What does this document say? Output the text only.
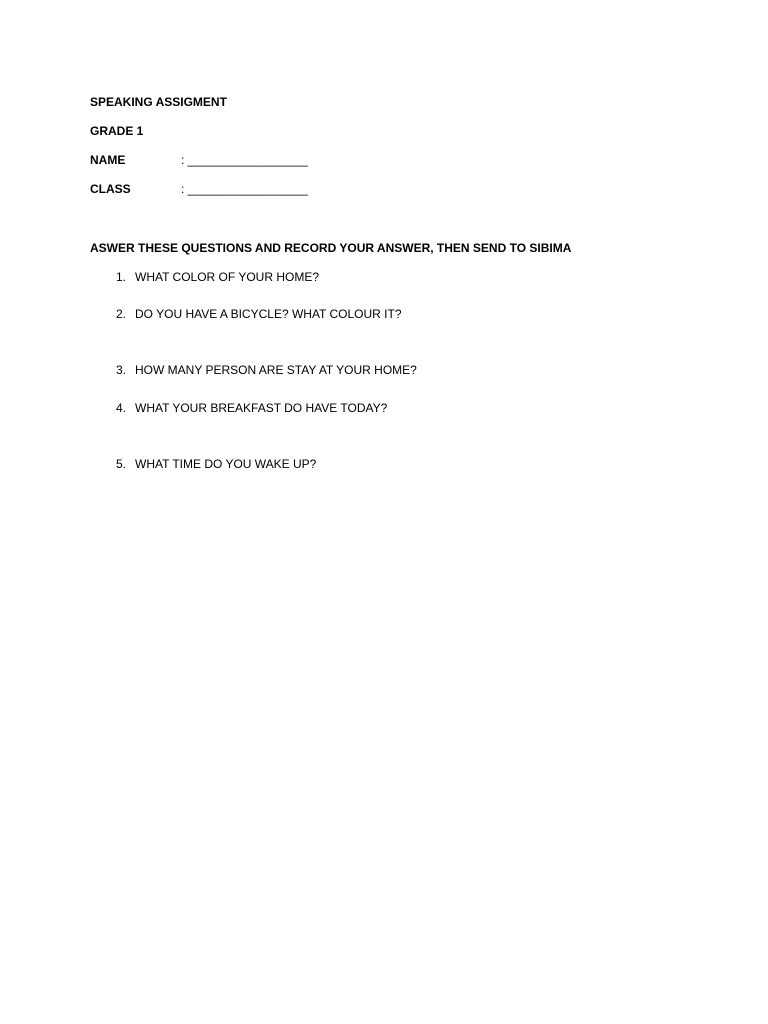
SPEAKING ASSIGMENT
GRADE 1
NAME	: __________________
CLASS	: __________________
ASWER THESE QUESTIONS AND RECORD YOUR ANSWER, THEN SEND TO SIBIMA
1. WHAT COLOR OF YOUR HOME?
2. DO YOU HAVE A BICYCLE? WHAT COLOUR IT?
3. HOW MANY PERSON ARE STAY AT YOUR HOME?
4. WHAT YOUR BREAKFAST DO HAVE TODAY?
5. WHAT TIME DO YOU WAKE UP?
